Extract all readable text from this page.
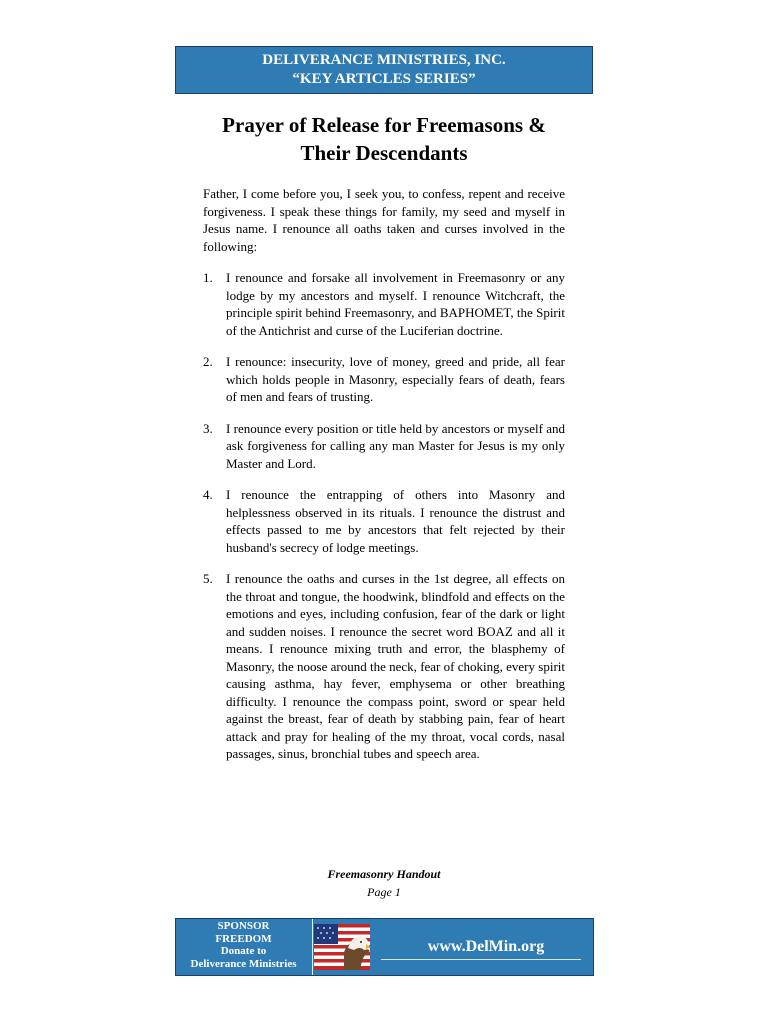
DELIVERANCE MINISTRIES, INC.
“KEY ARTICLES SERIES”
Prayer of Release for Freemasons &
Their Descendants

Father, I come before you, I seek you, to confess, repent and receive forgiveness. I speak these things for family, my seed and myself in Jesus name. I renounce all oaths taken and curses involved in the following:

1. I renounce and forsake all involvement in Freemasonry or any lodge by my ancestors and myself. I renounce Witchcraft, the principle spirit behind Freemasonry, and BAPHOMET, the Spirit of the Antichrist and curse of the Luciferian doctrine.
2. I renounce: insecurity, love of money, greed and pride, all fear which holds people in Masonry, especially fears of death, fears of men and fears of trusting.
3. I renounce every position or title held by ancestors or myself and ask forgiveness for calling any man Master for Jesus is my only Master and Lord.
4. I renounce the entrapping of others into Masonry and helplessness observed in its rituals. I renounce the distrust and effects passed to me by ancestors that felt rejected by their husband's secrecy of lodge meetings.
5. I renounce the oaths and curses in the 1st degree, all effects on the throat and tongue, the hoodwink, blindfold and effects on the emotions and eyes, including confusion, fear of the dark or light and sudden noises. I renounce the secret word BOAZ and all it means. I renounce mixing truth and error, the blasphemy of Masonry, the noose around the neck, fear of choking, every spirit causing asthma, hay fever, emphysema or other breathing difficulty. I renounce the compass point, sword or spear held against the breast, fear of death by stabbing pain, fear of heart attack and pray for healing of the my throat, vocal cords, nasal passages, sinus, bronchial tubes and speech area.
Freemasonry Handout
Page 1
SPONSOR
FREEDOM
Donate to
Deliverance Ministries
www.DelMin.org
